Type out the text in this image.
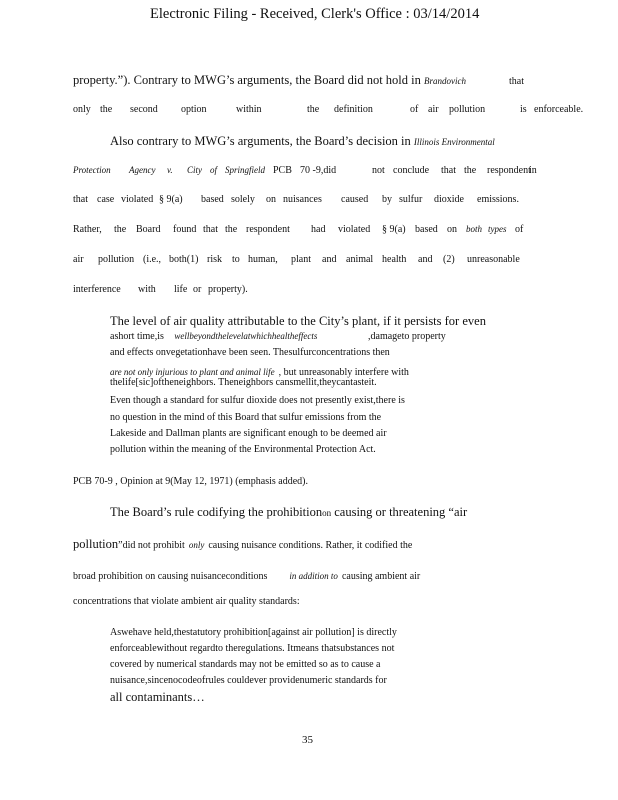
Electronic Filing - Received, Clerk's Office : 03/14/2014
property.”). Contrary to MWG’s arguments, the Board did not hold in Brandovich	that
only the second option	within	the definition	of air pollution	is enforceable.
Also contrary to MWG’s arguments, the Board’s decision in Illinois Environmental
Protection Agency v. City of Springfield PCB 70 -9,did	not conclude that the respondent
in
that case violated § 9(a) based solely on nuisances caused by sulfur dioxide emissions.
Rather, the Board found that the respondent had violated § 9(a) based on both types of
air pollution (i.e., both(1) risk to human, plant and animal health and (2) unreasonable
interference with life or property).
The level of air quality attributable to the City’s plant, if it persists for even
ashort time,is wellbeyondthelevelatwhichhealtheffects	,damageto property
and effects onvegetationhave been seen. Thesulfurconcentrations then
are not only injurious to plant and animal life , but unreasonably interfere with
thelife[sic]oftheneighbors. Theneighbors cansmellit,theycantasteit.
Even though a standard for sulfur dioxide does not presently exist,there is
no question in the mind of this Board that sulfur emissions from the
Lakeside and Dallman plants are significant enough to be deemed air
pollution within the meaning of the Environmental Protection Act.
PCB 70-9 , Opinion at 9(May 12, 1971) (emphasis added).
The Board’s rule codifying the prohibitionon causing or threatening “air
pollution”did not prohibit only causing nuisance conditions. Rather, it codified the
broad prohibition on causing nuisanceconditions in addition to causing ambient air
concentrations that violate ambient air quality standards:
Aswehave held,thestatutory prohibition[against air pollution] is directly
enforceablewithout regardto theregulations. Itmeans thatsubstances not
covered by numerical standards may not be emitted so as to cause a
nuisance,sincenocodeofrules couldever providenumeric standards for
all contaminants…
35
